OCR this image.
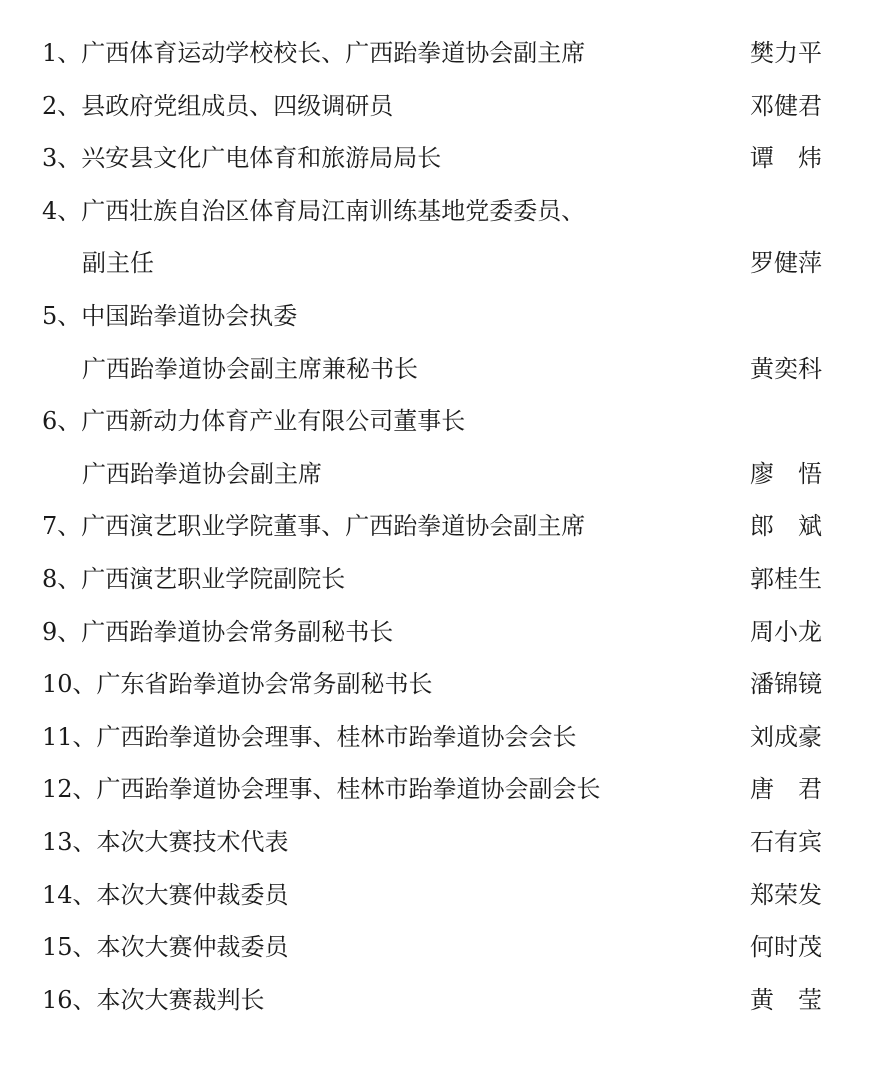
1、广西体育运动学校校长、广西跆拳道协会副主席	樊力平
2、县政府党组成员、四级调研员	邓健君
3、兴安县文化广电体育和旅游局局长	谭　炜
4、广西壮族自治区体育局江南训练基地党委委员、
副主任	罗健萍
5、中国跆拳道协会执委
广西跆拳道协会副主席兼秘书长	黄奕科
6、广西新动力体育产业有限公司董事长
广西跆拳道协会副主席	廖　悟
7、广西演艺职业学院董事、广西跆拳道协会副主席	郎　斌
8、广西演艺职业学院副院长	郭桂生
9、广西跆拳道协会常务副秘书长	周小龙
10、广东省跆拳道协会常务副秘书长	潘锦镜
11、广西跆拳道协会理事、桂林市跆拳道协会会长	刘成豪
12、广西跆拳道协会理事、桂林市跆拳道协会副会长	唐　君
13、本次大赛技术代表	石有宾
14、本次大赛仲裁委员	郑荣发
15、本次大赛仲裁委员	何时茂
16、本次大赛裁判长	黄　莹
